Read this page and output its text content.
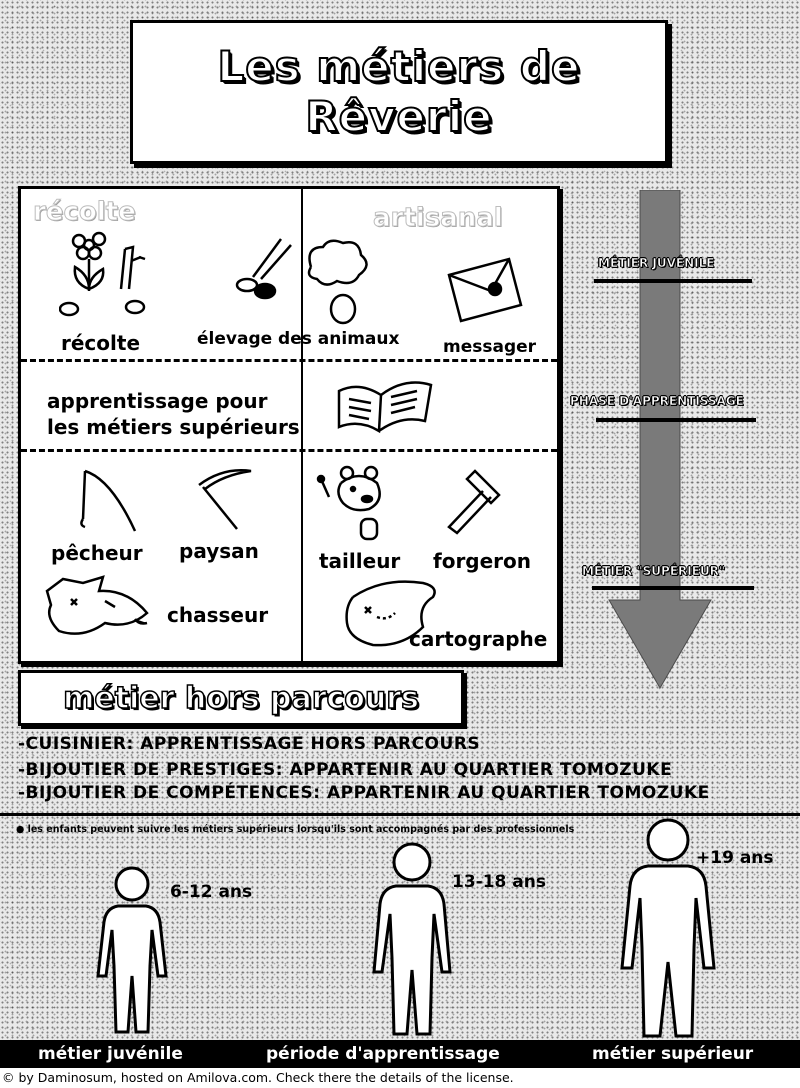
Les métiers de
Rêverie
récolte	artisanal
récolte	élevage des animaux	messager
apprentissage pour
les métiers supérieurs
pêcheur paysan
chasseur
tailleur forgeron
cartographe
MÉTIER JUVÉNILE
PHASE D'APPRENTISSAGE
MÉTIER "SUPÉRIEUR"
métier hors parcours
-CUISINIER: APPRENTISSAGE HORS PARCOURS
-BIJOUTIER DE PRESTIGES: APPARTENIR AU QUARTIER TOMOZUKE
-BIJOUTIER DE COMPÉTENCES: APPARTENIR AU QUARTIER TOMOZUKE
● les enfants peuvent suivre les métiers supérieurs lorsqu'ils sont accompagnés par des professionnels
6-12 ans	13-18 ans
+19 ans
métier juvénile	période d'apprentissage	métier supérieur
© by Daminosum, hosted on Amilova.com. Check there the details of the license.
